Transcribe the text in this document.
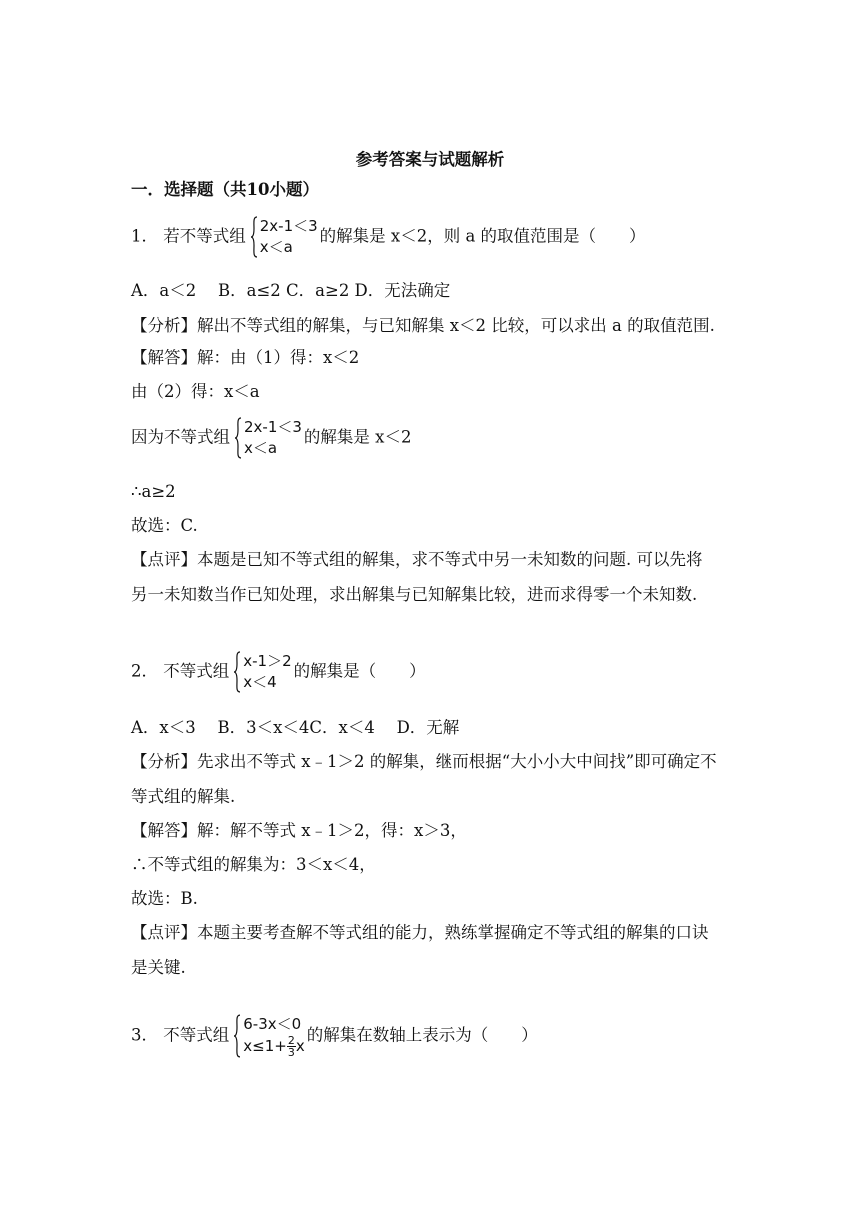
参考答案与试题解析
一．选择题（共10小题）
1． 若不等式组
2x-1＜3
x＜a
的解集是 x＜2，则 a 的取值范围是（　　）
A．a＜2　 B．a≤2 C．a≥2 D．无法确定
【分析】解出不等式组的解集，与已知解集 x＜2 比较，可以求出 a 的取值范围.
【解答】解：由（1）得：x＜2
由（2）得：x＜a
因为不等式组
2x-1＜3
x＜a
的解集是 x＜2
∴a≥2
故选：C.
【点评】本题是已知不等式组的解集，求不等式中另一未知数的问题. 可以先将
另一未知数当作已知处理，求出解集与已知解集比较，进而求得零一个未知数.
2． 不等式组
x-1＞2
x＜4
的解集是（　　）
A．x＜3　 B．3＜x＜4C．x＜4　 D．无解
【分析】先求出不等式 x﹣1＞2 的解集，继而根据“大小小大中间找”即可确定不
等式组的解集.
【解答】解：解不等式 x﹣1＞2，得：x＞3，
∴不等式组的解集为：3＜x＜4，
故选：B.
【点评】本题主要考查解不等式组的能力，熟练掌握确定不等式组的解集的口诀
是关键.
3． 不等式组
6-3x＜0
$x\le 1+ \frac{2}{3}$ x
的解集在数轴上表示为（　　）
